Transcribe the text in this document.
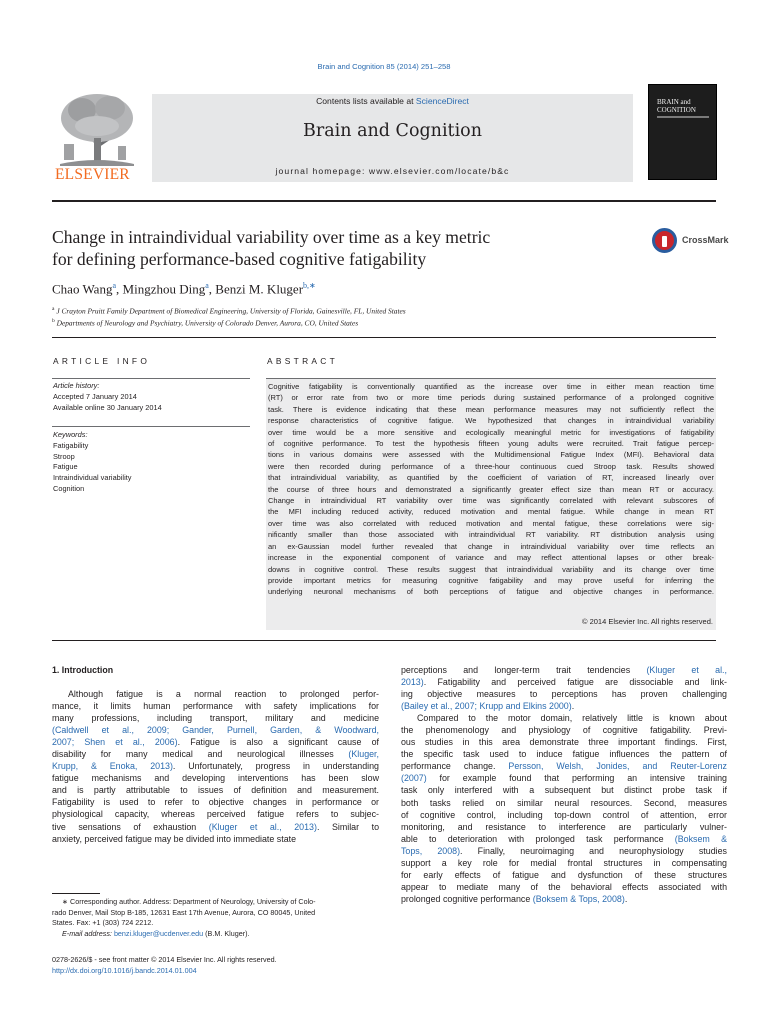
Brain and Cognition 85 (2014) 251–258
ELSEVIER
Contents lists available at ScienceDirect
Brain and Cognition
journal homepage: www.elsevier.com/locate/b&c
BRAIN and
COGNITION
Change in intraindividual variability over time as a key metric
for defining performance-based cognitive fatigability
CrossMark
Chao Wang$^a$, Mingzhou Ding$^a$, Benzi M. Kluger$^{b,∗}$
$^a$ J Crayton Pruitt Family Department of Biomedical Engineering, University of Florida, Gainesville, FL, United States
$^b$ Departments of Neurology and Psychiatry, University of Colorado Denver, Aurora, CO, United States
ARTICLE INFO
Article history:
Accepted 7 January 2014
Available online 30 January 2014
Keywords:
Fatigability
Stroop
Fatigue
Intraindividual variability
Cognition
ABSTRACT
Cognitive fatigability is conventionally quantified as the increase over time in either mean reaction time
(RT) or error rate from two or more time periods during sustained performance of a prolonged cognitive
task. There is evidence indicating that these mean performance measures may not sufficiently reflect the
response characteristics of cognitive fatigue. We hypothesized that changes in intraindividual variability
over time would be a more sensitive and ecologically meaningful metric for investigations of fatigability
of cognitive performance. To test the hypothesis fifteen young adults were recruited. Trait fatigue percep-
tions in various domains were assessed with the Multidimensional Fatigue Index (MFI). Behavioral data
were then recorded during performance of a three-hour continuous cued Stroop task. Results showed
that intraindividual variability, as quantified by the coefficient of variation of RT, increased linearly over
the course of three hours and demonstrated a significantly greater effect size than mean RT or accuracy.
Change in intraindividual RT variability over time was significantly correlated with relevant subscores of
the MFI including reduced activity, reduced motivation and mental fatigue. While change in mean RT
over time was also correlated with reduced motivation and mental fatigue, these correlations were sig-
nificantly smaller than those associated with intraindividual RT variability. RT distribution analysis using
an ex-Gaussian model further revealed that change in intraindividual variability over time reflects an
increase in the exponential component of variance and may reflect attentional lapses or other break-
downs in cognitive control. These results suggest that intraindividual variability and its change over time
provide important metrics for measuring cognitive fatigability and may prove useful for inferring the
underlying neuronal mechanisms of both perceptions of fatigue and objective changes in performance.
© 2014 Elsevier Inc. All rights reserved.
1. Introduction
Although fatigue is a normal reaction to prolonged perfor-
mance, it limits human performance with safety implications for
many professions, including transport, military and medicine
(Caldwell et al., 2009; Gander, Purnell, Garden, & Woodward,
2007; Shen et al., 2006). Fatigue is also a significant cause of
disability for many medical and neurological illnesses (Kluger,
Krupp, & Enoka, 2013). Unfortunately, progress in understanding
fatigue mechanisms and developing interventions has been slow
and is partly attributable to issues of definition and measurement.
Fatigability is used to refer to objective changes in performance or
physiological capacity, whereas perceived fatigue refers to subjec-
tive sensations of exhaustion (Kluger et al., 2013). Similar to
anxiety, perceived fatigue may be divided into immediate state
perceptions and longer-term trait tendencies (Kluger et al.,
2013). Fatigability and perceived fatigue are dissociable and link-
ing objective measures to perceptions has proven challenging
(Bailey et al., 2007; Krupp and Elkins 2000).
Compared to the motor domain, relatively little is known about
the phenomenology and physiology of cognitive fatigability. Previ-
ous studies in this area demonstrate three important findings. First,
the specific task used to induce fatigue influences the pattern of
performance change. Persson, Welsh, Jonides, and Reuter-Lorenz
(2007) for example found that performing an intensive training
task only interfered with a subsequent but distinct probe task if
both tasks relied on similar neural resources. Second, measures
of cognitive control, including top-down control of attention, error
monitoring, and resistance to interference are particularly vulner-
able to deterioration with prolonged task performance (Boksem &
Tops, 2008). Finally, neuroimaging and neurophysiology studies
support a key role for medial frontal structures in compensating
for early effects of fatigue and dysfunction of these structures
appear to mediate many of the behavioral effects associated with
prolonged cognitive performance (Boksem & Tops, 2008).
∗ Corresponding author. Address: Department of Neurology, University of Colo-
rado Denver, Mail Stop B-185, 12631 East 17th Avenue, Aurora, CO 80045, United
States. Fax: +1 (303) 724 2212.
E-mail address: benzi.kluger@ucdenver.edu (B.M. Kluger).
0278-2626/$ - see front matter © 2014 Elsevier Inc. All rights reserved.
http://dx.doi.org/10.1016/j.bandc.2014.01.004
